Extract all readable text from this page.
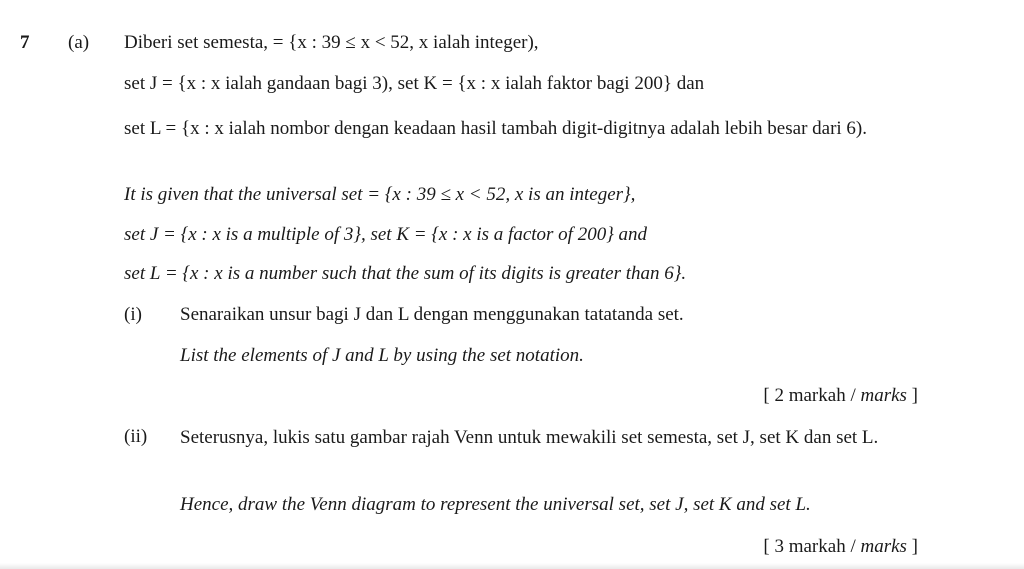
7 (a) Diberi set semesta, = {x : 39 ≤ x < 52, x ialah integer),
set J = {x : x ialah gandaan bagi 3), set K = {x : x ialah faktor bagi 200} dan
set L = {x : x ialah nombor dengan keadaan hasil tambah digit-digitnya adalah lebih besar dari 6).
It is given that the universal set = {x : 39 ≤ x < 52, x is an integer},
set J = {x : x is a multiple of 3}, set K = {x : x is a factor of 200} and
set L = {x : x is a number such that the sum of its digits is greater than 6}.
(i) Senaraikan unsur bagi J dan L dengan menggunakan tatatanda set.
List the elements of J and L by using the set notation.
[ 2 markah / marks ]
(ii) Seterusnya, lukis satu gambar rajah Venn untuk mewakili set semesta, set J, set K dan set L.
Hence, draw the Venn diagram to represent the universal set, set J, set K and set L.
[ 3 markah / marks ]
